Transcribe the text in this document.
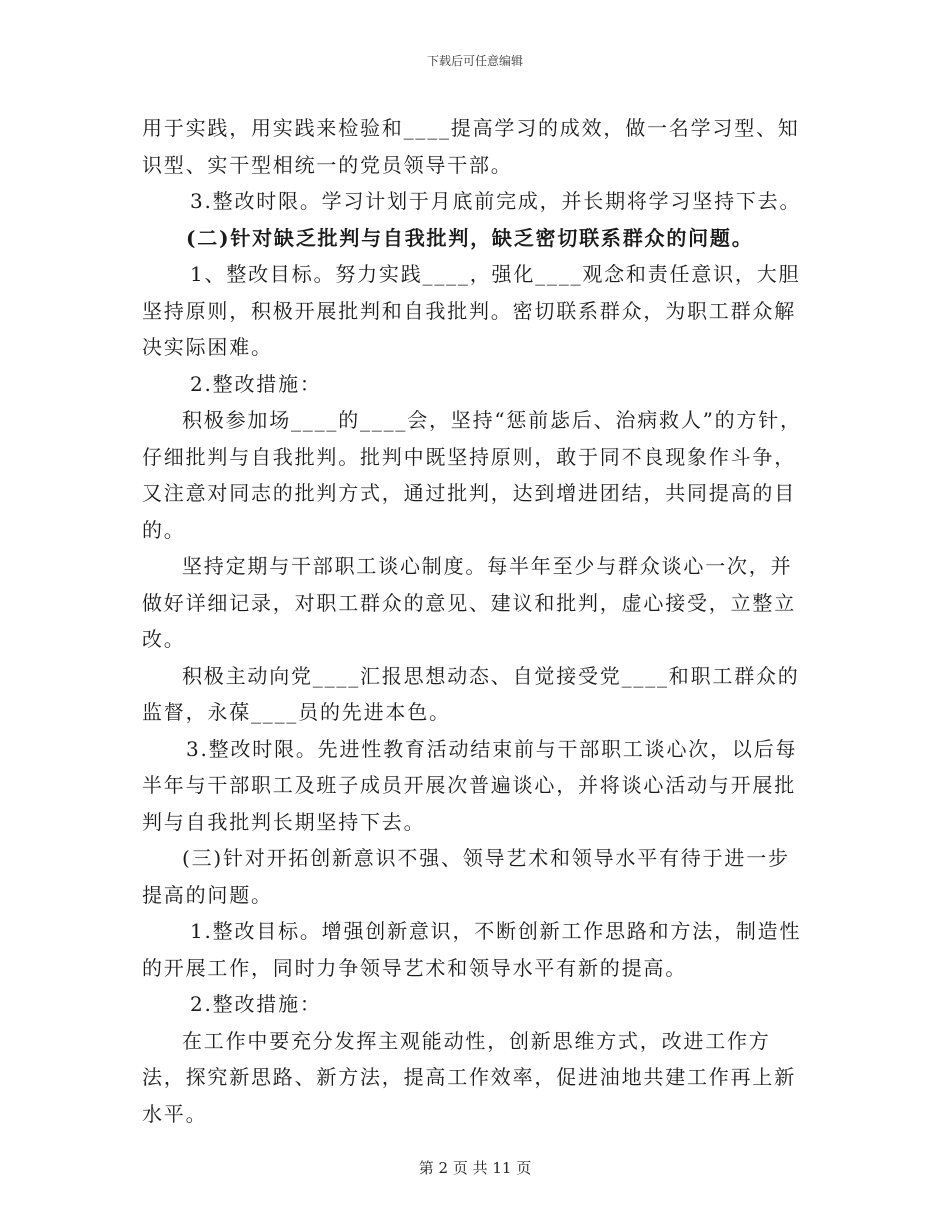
下载后可任意编辑

用于实践，用实践来检验和____提高学习的成效，做一名学习型、知识型、实干型相统一的党员领导干部。

3.整改时限。学习计划于月底前完成，并长期将学习坚持下去。

(二)针对缺乏批判与自我批判，缺乏密切联系群众的问题。

1、整改目标。努力实践____，强化____观念和责任意识，大胆坚持原则，积极开展批判和自我批判。密切联系群众，为职工群众解决实际困难。

2.整改措施：

积极参加场____的____会，坚持“惩前毖后、治病救人”的方针，仔细批判与自我批判。批判中既坚持原则，敢于同不良现象作斗争，又注意对同志的批判方式，通过批判，达到增进团结，共同提高的目的。

坚持定期与干部职工谈心制度。每半年至少与群众谈心一次，并做好详细记录，对职工群众的意见、建议和批判，虚心接受，立整立改。

积极主动向党____汇报思想动态、自觉接受党____和职工群众的监督，永葆____员的先进本色。

3.整改时限。先进性教育活动结束前与干部职工谈心次，以后每半年与干部职工及班子成员开展次普遍谈心，并将谈心活动与开展批判与自我批判长期坚持下去。

(三)针对开拓创新意识不强、领导艺术和领导水平有待于进一步提高的问题。

1.整改目标。增强创新意识，不断创新工作思路和方法，制造性的开展工作，同时力争领导艺术和领导水平有新的提高。

2.整改措施：

在工作中要充分发挥主观能动性，创新思维方式，改进工作方法，探究新思路、新方法，提高工作效率，促进油地共建工作再上新水平。

第 2 页 共 11 页
